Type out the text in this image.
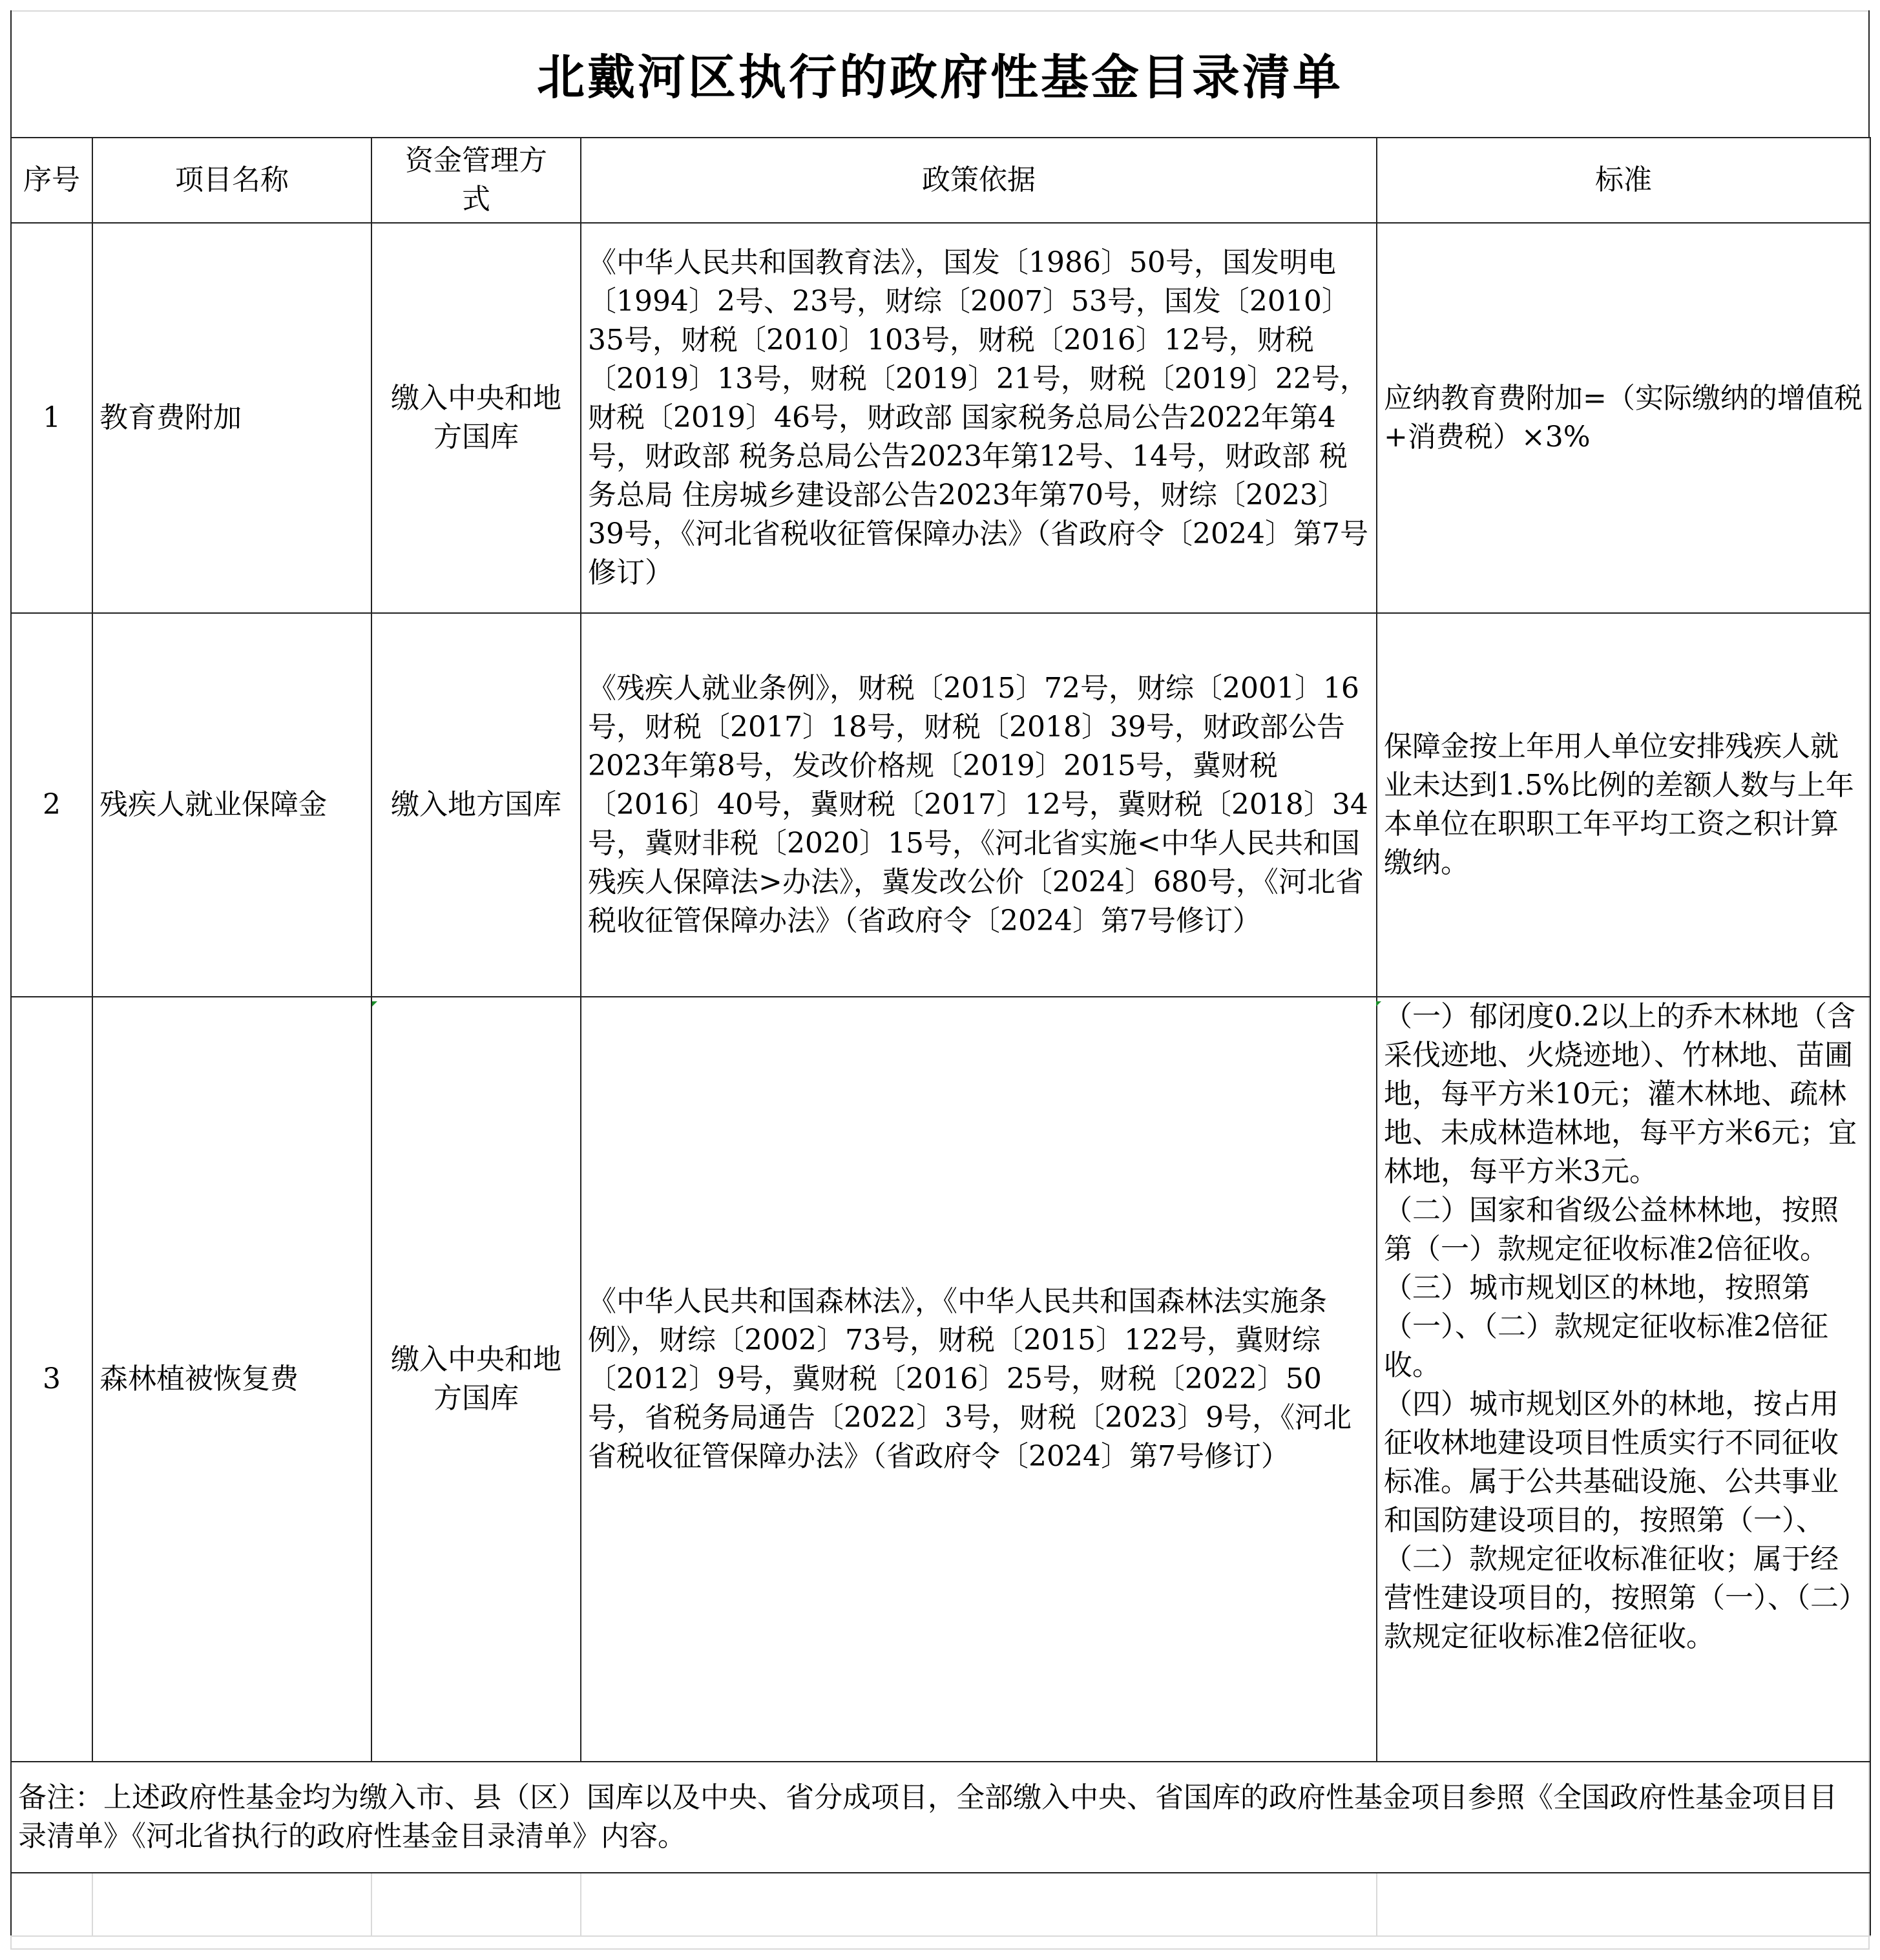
北戴河区执行的政府性基金目录清单
序号	项目名称	资金管理方式	政策依据	标准
1	教育费附加	缴入中央和地方国库	《中华人民共和国教育法》，国发〔1986〕50号，国发明电〔1994〕2号、23号，财综〔2007〕53号，国发〔2010〕35号，财税〔2010〕103号，财税〔2016〕12号，财税〔2019〕13号，财税〔2019〕21号，财税〔2019〕22号，财税〔2019〕46号，财政部 国家税务总局公告2022年第4号，财政部 税务总局公告2023年第12号、14号，财政部 税务总局 住房城乡建设部公告2023年第70号，财综〔2023〕39号，《河北省税收征管保障办法》（省政府令〔2024〕第7号修订）	应纳教育费附加=（实际缴纳的增值税+消费税）×3%
2	残疾人就业保障金	缴入地方国库	《残疾人就业条例》，财税〔2015〕72号，财综〔2001〕16号，财税〔2017〕18号，财税〔2018〕39号，财政部公告2023年第8号，发改价格规〔2019〕2015号，冀财税〔2016〕40号，冀财税〔2017〕12号，冀财税〔2018〕34号，冀财非税〔2020〕15号，《河北省实施<中华人民共和国残疾人保障法>办法》，冀发改公价〔2024〕680号，《河北省税收征管保障办法》（省政府令〔2024〕第7号修订）	保障金按上年用人单位安排残疾人就业未达到1.5%比例的差额人数与上年本单位在职职工年平均工资之积计算缴纳。
3	森林植被恢复费	缴入中央和地方国库	《中华人民共和国森林法》，《中华人民共和国森林法实施条例》，财综〔2002〕73号，财税〔2015〕122号，冀财综〔2012〕9号，冀财税〔2016〕25号，财税〔2022〕50号，省税务局通告〔2022〕3号，财税〔2023〕9号，《河北省税收征管保障办法》（省政府令〔2024〕第7号修订）	（一）郁闭度0.2以上的乔木林地（含采伐迹地、火烧迹地）、竹林地、苗圃地，每平方米10元；灌木林地、疏林地、未成林造林地，每平方米6元；宜林地，每平方米3元。

（二）国家和省级公益林林地，按照第（一）款规定征收标准2倍征收。

（三）城市规划区的林地，按照第（一）、（二）款规定征收标准2倍征收。

（四）城市规划区外的林地，按占用征收林地建设项目性质实行不同征收标准。属于公共基础设施、公共事业和国防建设项目的，按照第（一）、（二）款规定征收标准征收；属于经营性建设项目的，按照第（一）、（二）款规定征收标准2倍征收。

备注：上述政府性基金均为缴入市、县（区）国库以及中央、省分成项目，全部缴入中央、省国库的政府性基金项目参照《全国政府性基金项目目录清单》《河北省执行的政府性基金目录清单》内容。				
